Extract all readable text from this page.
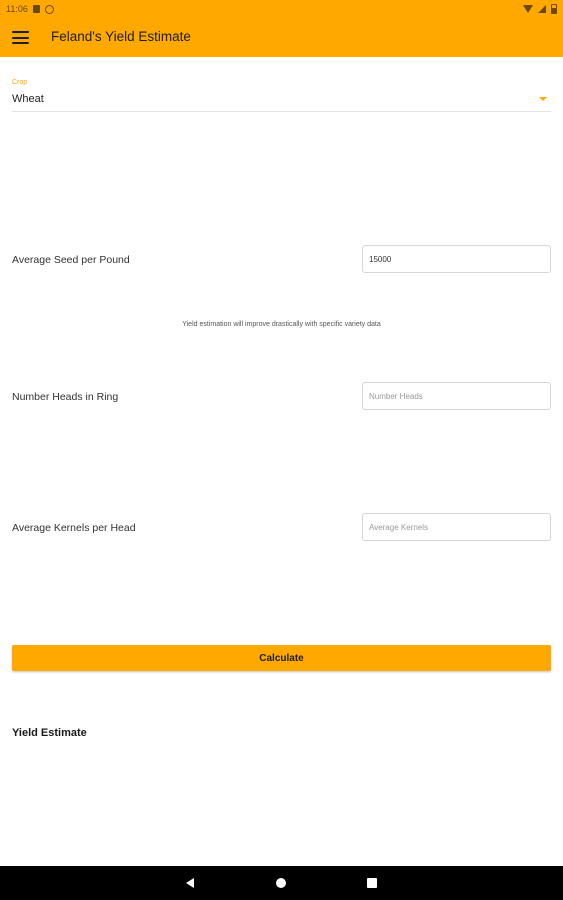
11:06
Feland's Yield Estimate
Crop
Wheat
Average Seed per Pound
15000
Yield estimation will improve drastically with specific variety data
Number Heads in Ring
Number Heads
Average Kernels per Head
Average Kernels
Calculate
Yield Estimate
